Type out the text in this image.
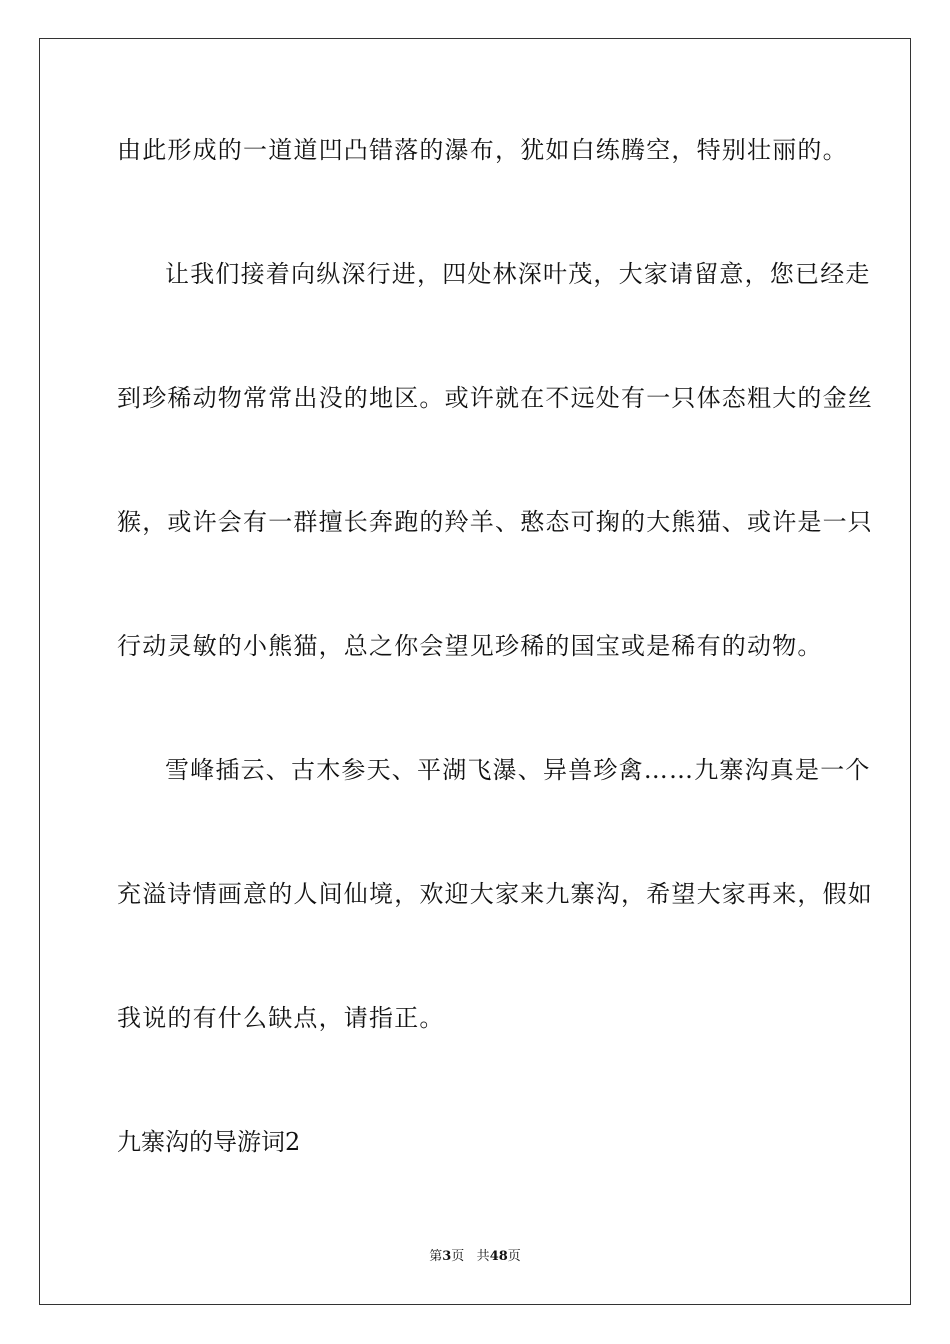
由此形成的一道道凹凸错落的瀑布，犹如白练腾空，特别壮丽的。
让我们接着向纵深行进，四处林深叶茂，大家请留意，您已经走
到珍稀动物常常出没的地区。或许就在不远处有一只体态粗大的金丝
猴，或许会有一群擅长奔跑的羚羊、憨态可掬的大熊猫、或许是一只
行动灵敏的小熊猫，总之你会望见珍稀的国宝或是稀有的动物。
雪峰插云、古木参天、平湖飞瀑、异兽珍禽……九寨沟真是一个
充溢诗情画意的人间仙境，欢迎大家来九寨沟，希望大家再来，假如
我说的有什么缺点，请指正。
九寨沟的导游词2
第3页 共48页
